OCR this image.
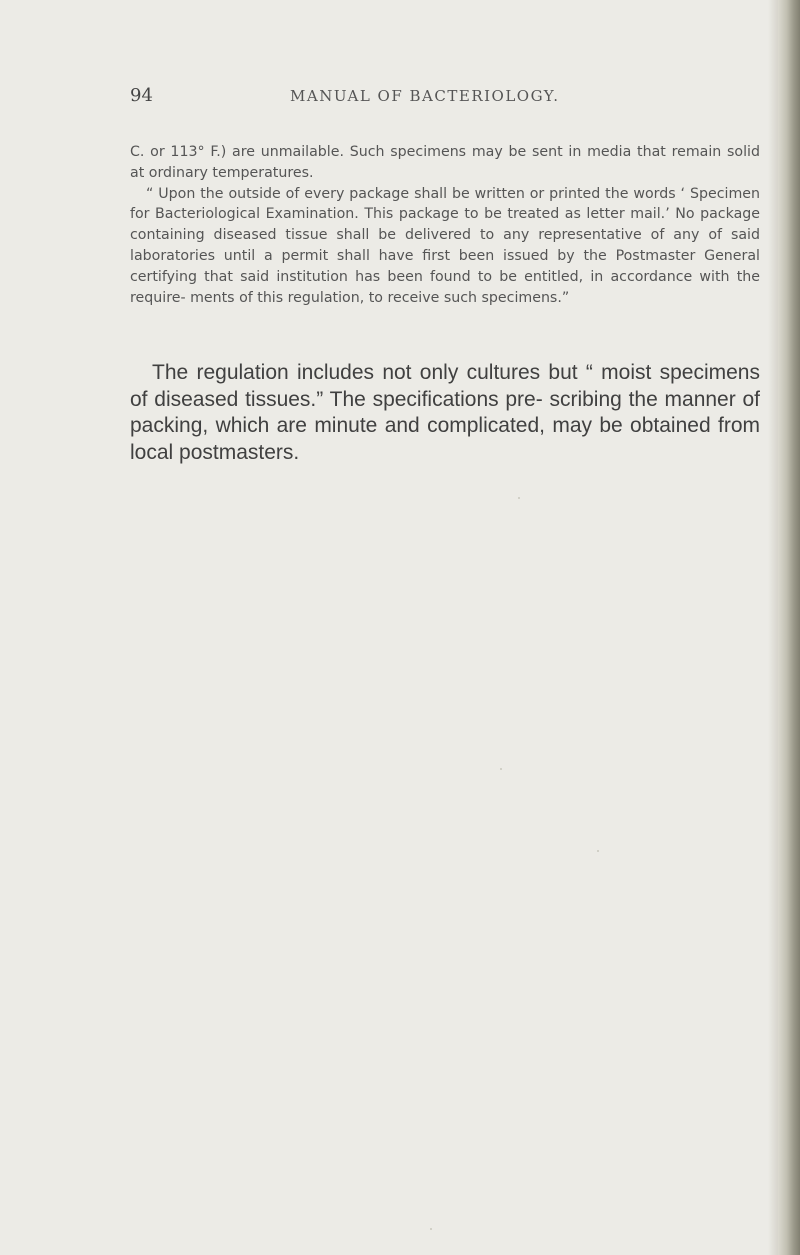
94	MANUAL OF BACTERIOLOGY.

C. or 113° F.) are unmailable. Such specimens may be sent in media that remain solid at ordinary temperatures.

“ Upon the outside of every package shall be written or printed the words ‘ Specimen for Bacteriological Examination. This package to be treated as letter mail.’ No package containing diseased tissue shall be delivered to any representative of any of said laboratories until a permit shall have first been issued by the Postmaster General certifying that said institution has been found to be entitled, in accordance with the require- ments of this regulation, to receive such specimens.”

The regulation includes not only cultures but “ moist specimens of diseased tissues.” The specifications pre- scribing the manner of packing, which are minute and complicated, may be obtained from local postmasters.
